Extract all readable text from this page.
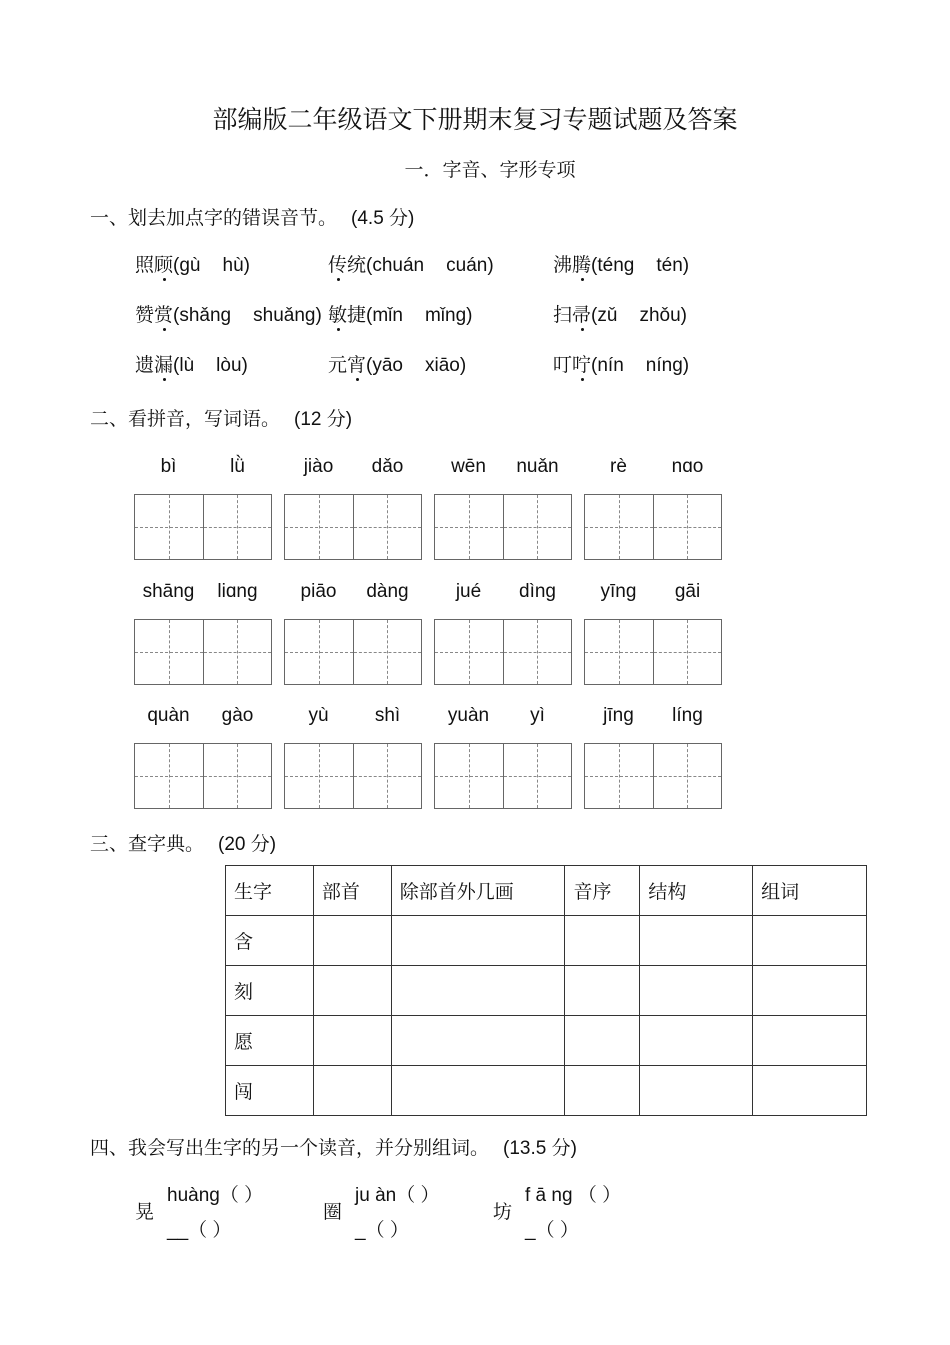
部编版二年级语文下册期末复习专题试题及答案
一．字音、字形专项
一、划去加点字的错误音节。 (4.5 分)
照顾(gù hù)	传统(chuán cuán)	沸腾(téng tén)
赞赏(shǎng shuǎng) 敏捷(mǐn mǐng)	扫帚(zǔ zhǒu)
遗漏(lù lòu)	元宵(yāo xiāo)	叮咛(nín níng)
二、看拼音，写词语。 (12 分)
bì	lǜ	jiào	dǎo	wēn	nuǎn	rè	nɑo
shāng	liɑng	piāo	dàng	jué	dìng	yīng	gāi
quàn	gào	yù	shì	yuàn	yì	jīng	líng
三、查字典。 (20 分)
生字	部首	除部首外几画	音序	结构	组词
含					
刻					
愿					
闯					
四、我会写出生字的另一个读音，并分别组词。 (13.5 分)
晃
huàng（ ）
__（ ）
圈
ju àn（ ）
_（ ）
坊
f ā ng （ ）
_（ ）
